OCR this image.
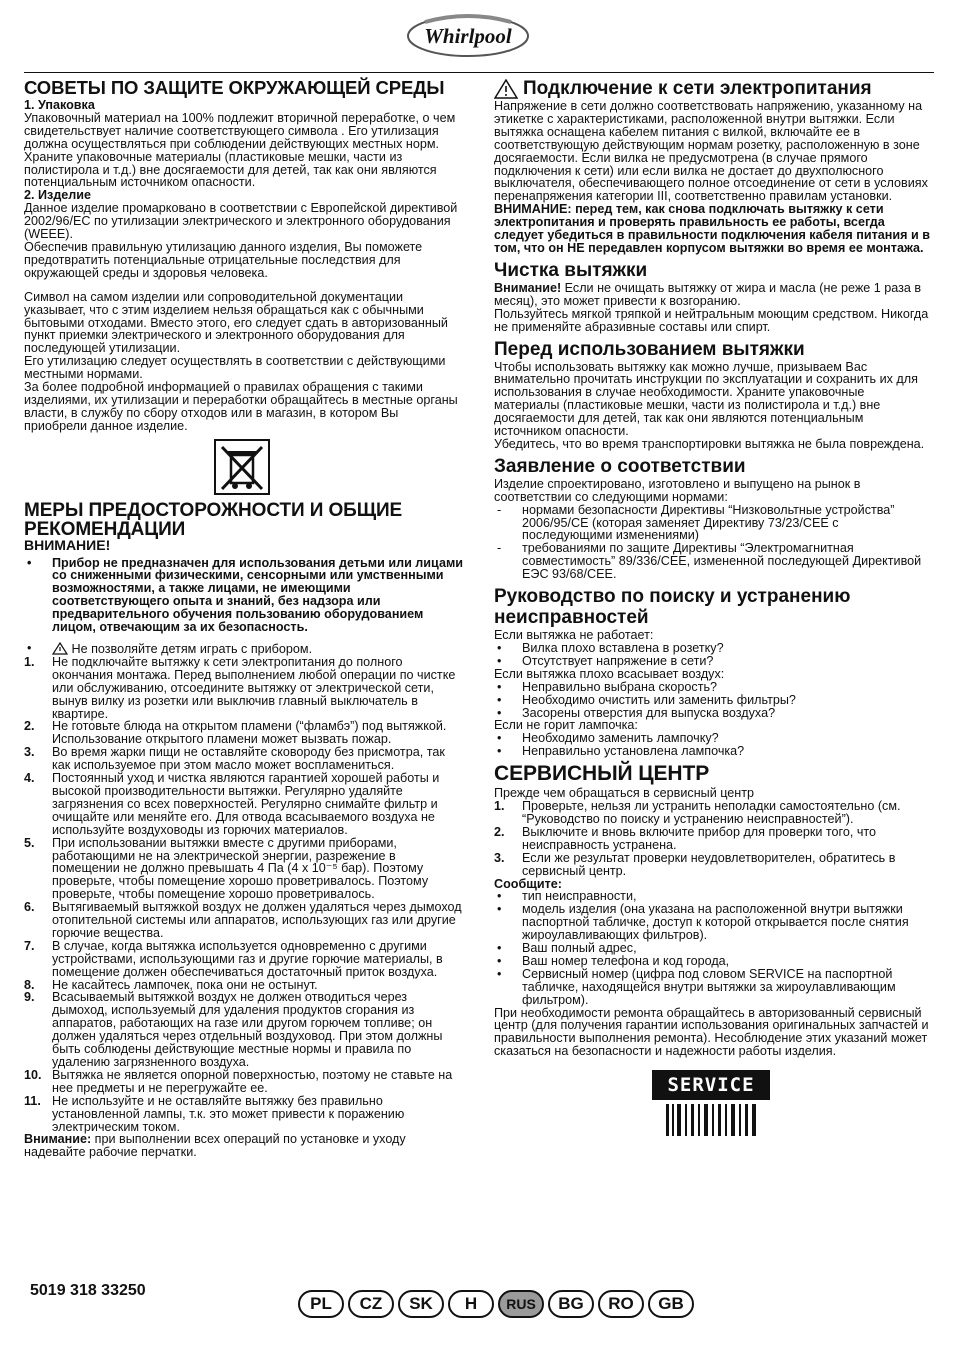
Whirlpool
СОВЕТЫ ПО ЗАЩИТЕ ОКРУЖАЮЩЕЙ СРЕДЫ

1. Упаковка

Упаковочный материал на 100% подлежит вторичной переработке, о чем свидетельствует наличие соответствующего символа . Его утилизация должна осуществляться при соблюдении действующих местных норм. Храните упаковочные материалы (пластиковые мешки, части из полистирола и т.д.) вне досягаемости для детей, так как они являются потенциальным источником опасности.

2. Изделие

Данное изделие промарковано в соответствии с Европейской директивой 2002/96/ЕС по утилизации электрического и электронного оборудования (WEEE).

Обеспечив правильную утилизацию данного изделия, Вы поможете предотвратить потенциальные отрицательные последствия для окружающей среды и здоровья человека.

Символ на самом изделии или сопроводительной документации указывает, что с этим изделием нельзя обращаться как с обычными бытовыми отходами. Вместо этого, его следует сдать в авторизованный пункт приемки электрического и электронного оборудования для последующей утилизации.

Его утилизацию следует осуществлять в соответствии с действующими местными нормами.

За более подробной информацией о правилах обращения с такими изделиями, их утилизации и переработки обращайтесь в местные органы власти, в службу по сбору отходов или в магазин, в котором Вы приобрели данное изделие.

МЕРЫ ПРЕДОСТОРОЖНОСТИ И ОБЩИЕ РЕКОМЕНДАЦИИ

ВНИМАНИЕ!

•	Прибор не предназначен для использования детьми или лицами со сниженными физическими, сенсорными или умственными возможностями, а также лицами, не имеющими соответствующего опыта и знаний, без надзора или предварительного обучения пользованию оборудованием лицом, отвечающим за их безопасность.
•	Не позволяйте детям играть с прибором.
1.	Не подключайте вытяжку к сети электропитания до полного окончания монтажа. Перед выполнением любой операции по чистке или обслуживанию, отсоедините вытяжку от электрической сети, вынув вилку из розетки или выключив главный выключатель в квартире.
2.	Не готовьте блюда на открытом пламени (“фламбэ”) под вытяжкой. Использование открытого пламени может вызвать пожар.
3.	Во время жарки пищи не оставляйте сковороду без присмотра, так как используемое при этом масло может воспламениться.
4.	Постоянный уход и чистка являются гарантией хорошей работы и высокой производительности вытяжки. Регулярно удаляйте загрязнения со всех поверхностей. Регулярно снимайте фильтр и очищайте или меняйте его. Для отвода всасываемого воздуха не используйте воздуховоды из горючих материалов.
5.	При использовании вытяжки вместе с другими приборами, работающими не на электрической энергии, разрежение в помещении не должно превышать 4 Па (4 x 10⁻⁵ бар). Поэтому проверьте, чтобы помещение хорошо проветривалось. Поэтому проверьте, чтобы помещение хорошо проветривалось.
6.	Вытягиваемый вытяжкой воздух не должен удаляться через дымоход отопительной системы или аппаратов, использующих газ или другие горючие вещества.
7.	В случае, когда вытяжка используется одновременно с другими устройствами, использующими газ и другие горючие материалы, в помещение должен обеспечиваться достаточный приток воздуха.
8.	Не касайтесь лампочек, пока они не остынут.
9.	Всасываемый вытяжкой воздух не должен отводиться через дымоход, используемый для удаления продуктов сгорания из аппаратов, работающих на газе или другом горючем топливе; он должен удаляться через отдельный воздуховод. При этом должны быть соблюдены действующие местные нормы и правила по удалению загрязненного воздуха.
10. Вытяжка не является опорной поверхностью, поэтому не ставьте на нее предметы и не перегружайте ее.
11. Не используйте и не оставляйте вытяжку без правильно установленной лампы, т.к. это может привести к поражению электрическим током.

Внимание: при выполнении всех операций по установке и уходу надевайте рабочие перчатки.

Подключение к сети электропитания

Напряжение в сети должно соответствовать напряжению, указанному на этикетке с характеристиками, расположенной внутри вытяжки. Если вытяжка оснащена кабелем питания с вилкой, включайте ее в соответствующую действующим нормам розетку, расположенную в зоне досягаемости. Если вилка не предусмотрена (в случае прямого подключения к сети) или если вилка не достает до двухполюсного выключателя, обеспечивающего полное отсоединение от сети в условиях перенапряжения категории III, соответственно правилам установки.

ВНИМАНИЕ: перед тем, как снова подключать вытяжку к сети электропитания и проверять правильность ее работы, всегда следует убедиться в правильности подключения кабеля питания и в том, что он НЕ передавлен корпусом вытяжки во время ее монтажа.

Чистка вытяжки

Внимание! Если не очищать вытяжку от жира и масла (не реже 1 раза в месяц), это может привести к возгоранию.

Пользуйтесь мягкой тряпкой и нейтральным моющим средством. Никогда не применяйте абразивные составы или спирт.

Перед использованием вытяжки

Чтобы использовать вытяжку как можно лучше, призываем Вас внимательно прочитать инструкции по эксплуатации и сохранить их для использования в случае необходимости. Храните упаковочные материалы (пластиковые мешки, части из полистирола и т.д.) вне досягаемости для детей, так как они являются потенциальным источником опасности.

Убедитесь, что во время транспортировки вытяжка не была повреждена.

Заявление о соответствии

Изделие спроектировано, изготовлено и выпущено на рынок в соответствии со следующими нормами:

-	нормами безопасности Директивы “Низковольтные устройства” 2006/95/CE (которая заменяет Директиву 73/23/CEE с последующими изменениями)
-	требованиями по защите Директивы “Электромагнитная совместимость” 89/336/CEE, измененной последующей Директивой ЕЭС 93/68/CEE.
Руководство по поиску и устранению неисправностей

Если вытяжка не работает:

•	Вилка плохо вставлена в розетку?
•	Отсутствует напряжение в сети?

Если вытяжка плохо всасывает воздух:

•	Неправильно выбрана скорость?
•	Необходимо очистить или заменить фильтры?
•	Засорены отверстия для выпуска воздуха?

Если не горит лампочка:

•	Необходимо заменить лампочку?
•	Неправильно установлена лампочка?
СЕРВИСНЫЙ ЦЕНТР

Прежде чем обращаться в сервисный центр

1.	Проверьте, нельзя ли устранить неполадки самостоятельно (см. “Руководство по поиску и устранению неисправностей”).
2.	Выключите и вновь включите прибор для проверки того, что неисправность устранена.
3.	Если же результат проверки неудовлетворителен, обратитесь в сервисный центр.

Сообщите:

•	тип неисправности,
•	модель изделия (она указана на расположенной внутри вытяжки паспортной табличке, доступ к которой открывается после снятия жироулавливающих фильтров).
•	Ваш полный адрес,
•	Ваш номер телефона и код города,
•	Сервисный номер (цифра под словом SERVICE на паспортной табличке, находящейся внутри вытяжки за жироулавливающим фильтром).

При необходимости ремонта обращайтесь в авторизованный сервисный центр (для получения гарантии использования оригинальных запчастей и правильности выполнения ремонта). Несоблюдение этих указаний может сказаться на безопасности и надежности работы изделия.

SERVICE
5019 318 33250
PL	CZ	SK	H	RUS	BG	RO	GB
